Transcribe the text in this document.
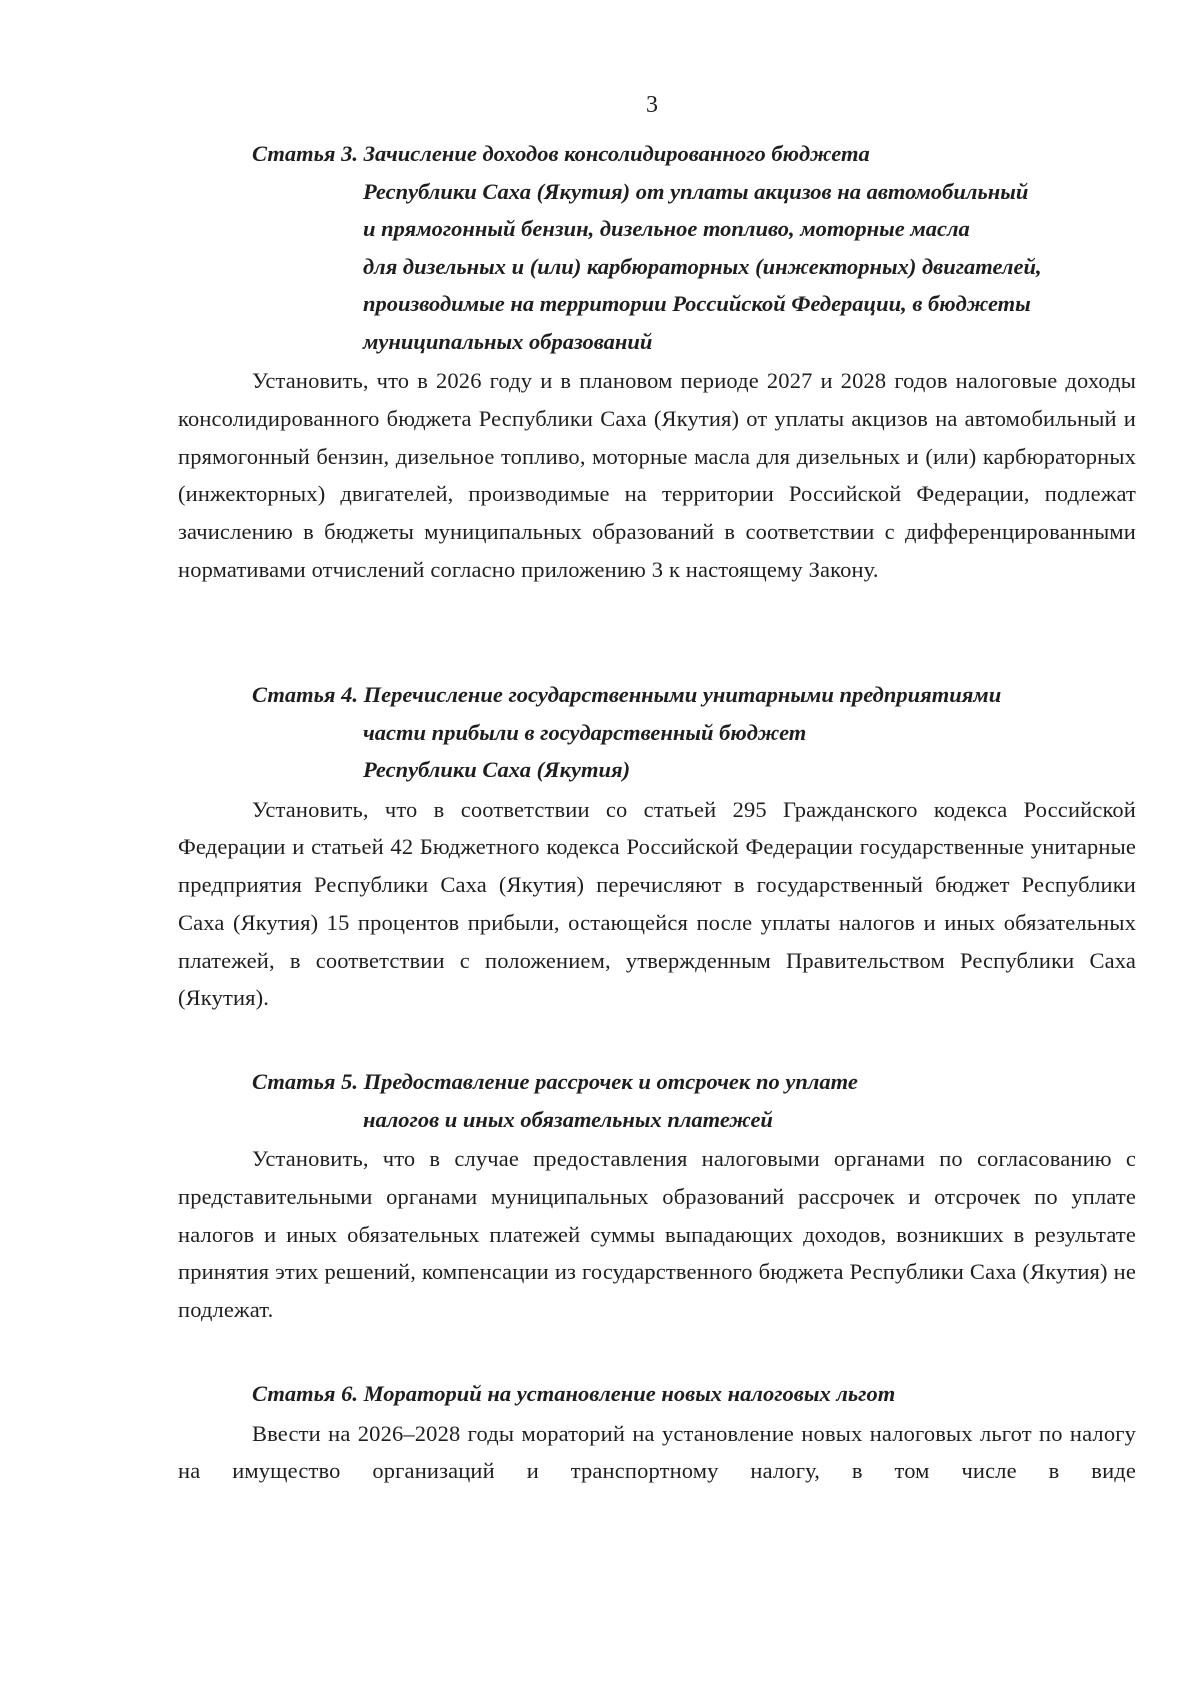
3
Статья 3. Зачисление доходов консолидированного бюджета
Республики Саха (Якутия) от уплаты акцизов на автомобильный
и прямогонный бензин, дизельное топливо, моторные масла
для дизельных и (или) карбюраторных (инжекторных) двигателей,
производимые на территории Российской Федерации, в бюджеты
муниципальных образований

Установить, что в 2026 году и в плановом периоде 2027 и 2028 годов налоговые доходы консолидированного бюджета Республики Саха (Якутия) от уплаты акцизов на автомобильный и прямогонный бензин, дизельное топливо, моторные масла для дизельных и (или) карбюраторных (инжекторных) двигателей, производимые на территории Российской Федерации, подлежат зачислению в бюджеты муниципальных образований в соответствии с дифференцированными нормативами отчислений согласно приложению 3 к настоящему Закону.

Статья 4. Перечисление государственными унитарными предприятиями
части прибыли в государственный бюджет
Республики Саха (Якутия)

Установить, что в соответствии со статьей 295 Гражданского кодекса Российской Федерации и статьей 42 Бюджетного кодекса Российской Федерации государственные унитарные предприятия Республики Саха (Якутия) перечисляют в государственный бюджет Республики Саха (Якутия) 15 процентов прибыли, остающейся после уплаты налогов и иных обязательных платежей, в соответствии с положением, утвержденным Правительством Республики Саха (Якутия).

Статья 5. Предоставление рассрочек и отсрочек по уплате
налогов и иных обязательных платежей

Установить, что в случае предоставления налоговыми органами по согласованию с представительными органами муниципальных образований рассрочек и отсрочек по уплате налогов и иных обязательных платежей суммы выпадающих доходов, возникших в результате принятия этих решений, компенсации из государственного бюджета Республики Саха (Якутия) не подлежат.

Статья 6. Мораторий на установление новых налоговых льгот

Ввести на 2026–2028 годы мораторий на установление новых налоговых льгот по налогу на имущество организаций и транспортному налогу, в том числе в виде
